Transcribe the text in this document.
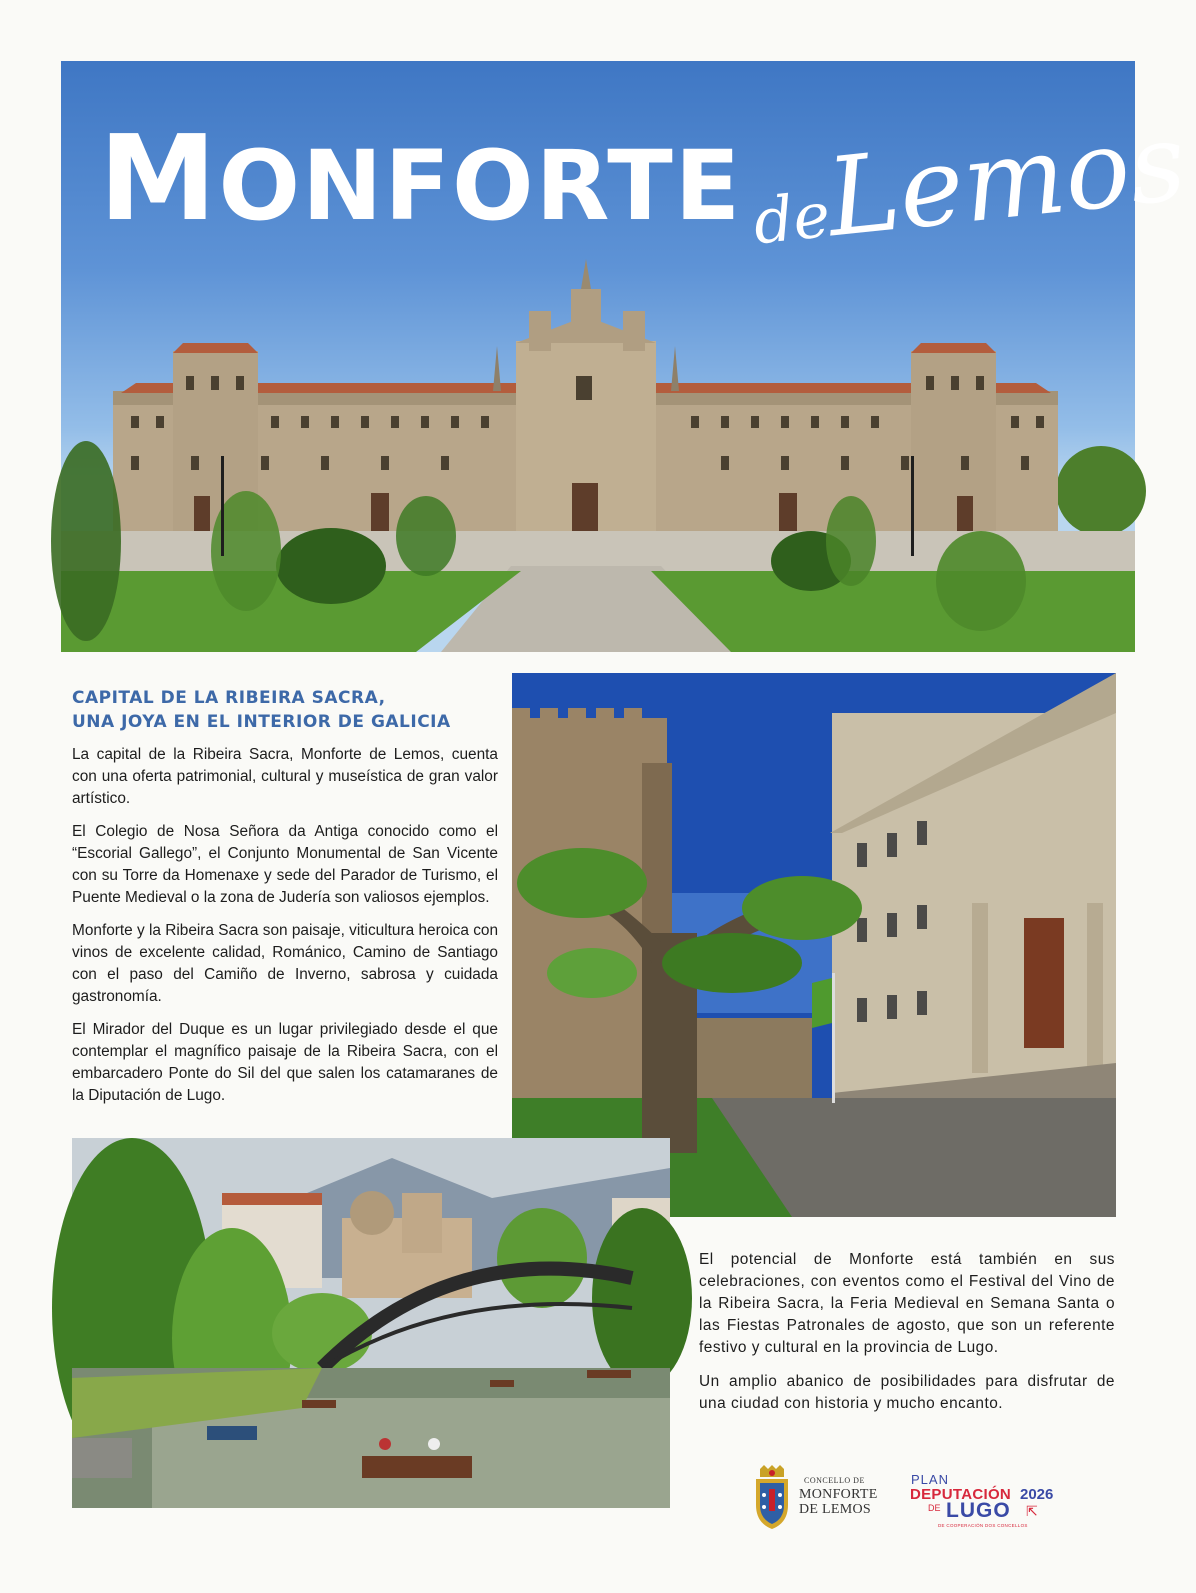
MONFORTE deLemos
CAPITAL DE LA RIBEIRA SACRA,
UNA JOYA EN EL INTERIOR DE GALICIA

La capital de la Ribeira Sacra, Monforte de Lemos, cuenta con una oferta patrimonial, cultural y museística de gran valor artístico.

El Colegio de Nosa Señora da Antiga conocido como el “Escorial Gallego”, el Conjunto Monumental de San Vicente con su Torre da Homenaxe y sede del Parador de Turismo, el Puente Medieval o la zona de Judería son valiosos ejemplos.

Monforte y la Ribeira Sacra son paisaje, viticultura heroica con vinos de excelente calidad, Románico, Camino de Santiago con el paso del Camiño de Inverno, sabrosa y cuidada gastronomía.

El Mirador del Duque es un lugar privilegiado desde el que contemplar el magnífico paisaje de la Ribeira Sacra, con el embarcadero Ponte do Sil del que salen los catamaranes de la Diputación de Lugo.

El potencial de Monforte está también en sus celebraciones, con eventos como el Festival del Vino de la Ribeira Sacra, la Feria Medieval en Semana Santa o las Fiestas Patronales de agosto, que son un referente festivo y cultural en la provincia de Lugo.

Un amplio abanico de posibilidades para disfrutar de una ciudad con historia y mucho encanto.

CONCELLO DE
MONFORTE
DE LEMOS
PLAN
DEPUTACIÓN 2026
DE LUGO ⇱
DE COOPERACIÓN DOS CONCELLOS
